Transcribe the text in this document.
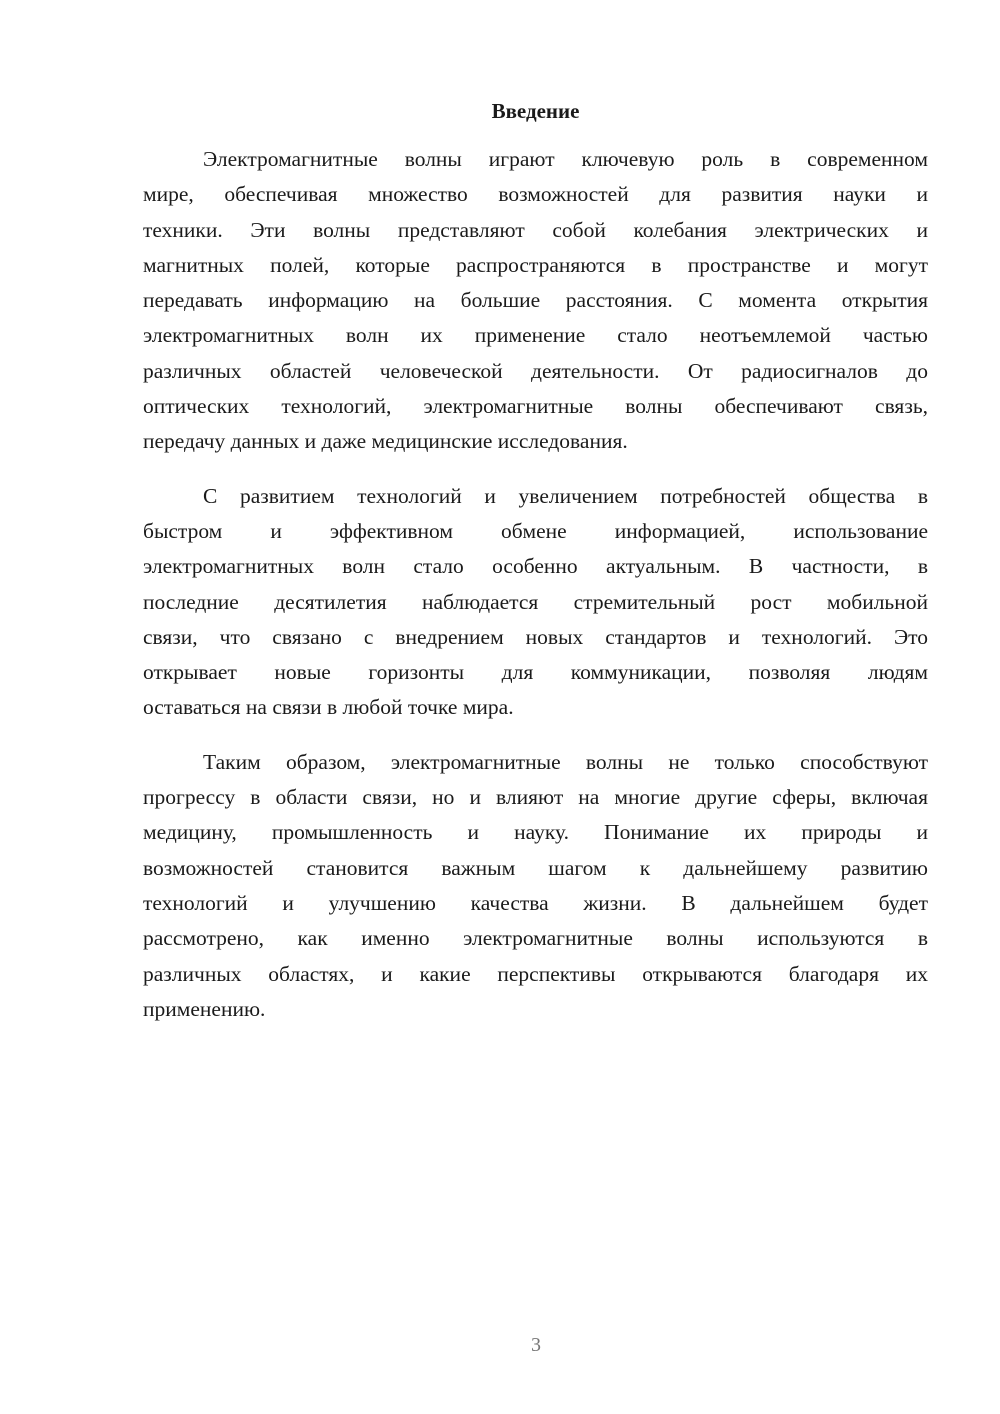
Введение
Электромагнитные волны играют ключевую роль в современном
мире, обеспечивая множество возможностей для развития науки и
техники. Эти волны представляют собой колебания электрических и
магнитных полей, которые распространяются в пространстве и могут
передавать информацию на большие расстояния. С момента открытия
электромагнитных волн их применение стало неотъемлемой частью
различных областей человеческой деятельности. От радиосигналов до
оптических технологий, электромагнитные волны обеспечивают связь,
передачу данных и даже медицинские исследования.
С развитием технологий и увеличением потребностей общества в
быстром и эффективном обмене информацией, использование
электромагнитных волн стало особенно актуальным. В частности, в
последние десятилетия наблюдается стремительный рост мобильной
связи, что связано с внедрением новых стандартов и технологий. Это
открывает новые горизонты для коммуникации, позволяя людям
оставаться на связи в любой точке мира.
Таким образом, электромагнитные волны не только способствуют
прогрессу в области связи, но и влияют на многие другие сферы, включая
медицину, промышленность и науку. Понимание их природы и
возможностей становится важным шагом к дальнейшему развитию
технологий и улучшению качества жизни. В дальнейшем будет
рассмотрено, как именно электромагнитные волны используются в
различных областях, и какие перспективы открываются благодаря их
применению.
3
